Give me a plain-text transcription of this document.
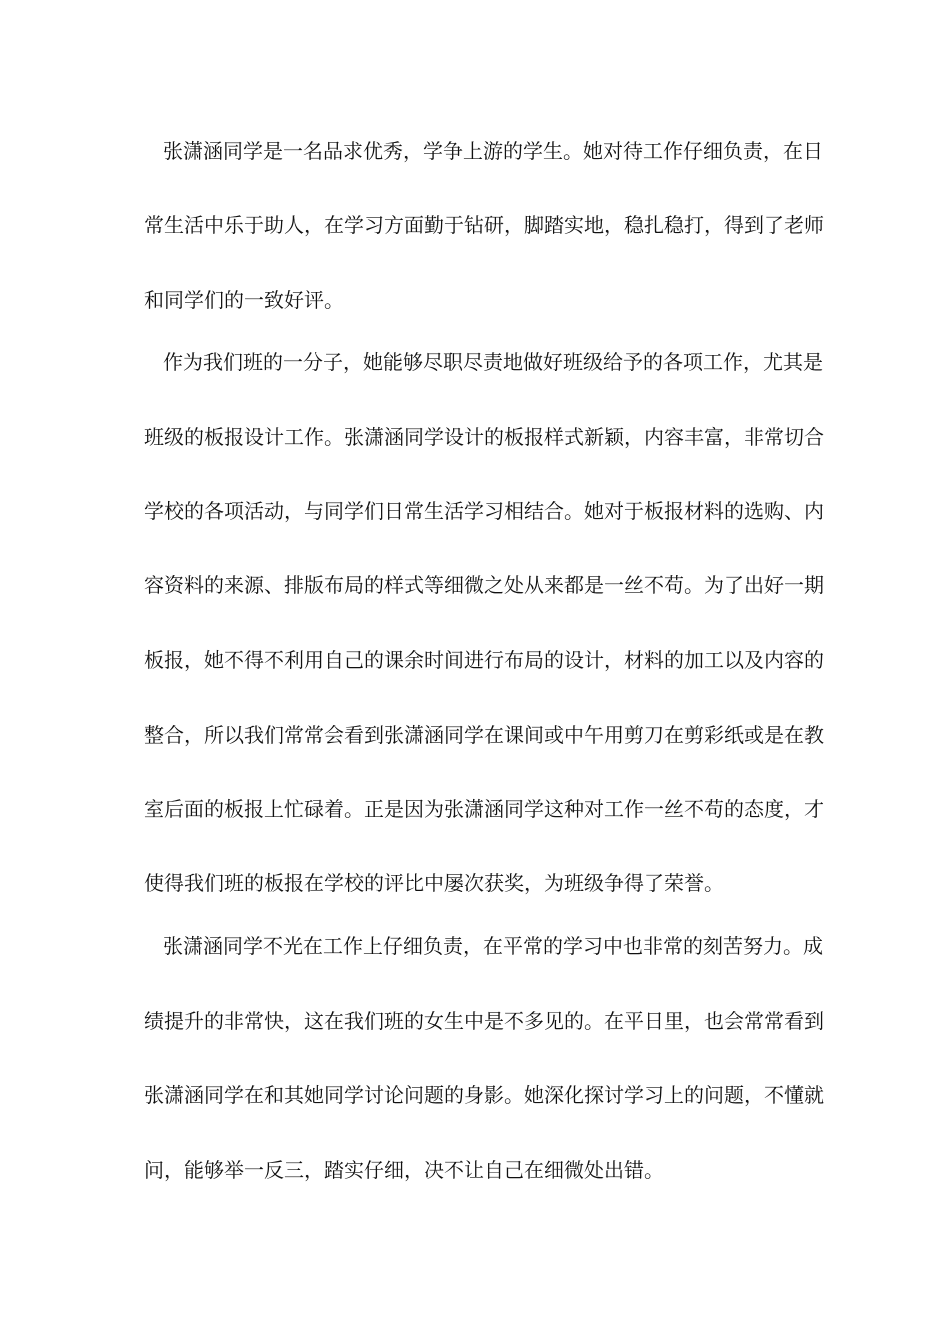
张潇涵同学是一名品求优秀，学争上游的学生。她对待工作仔细负责，在日
常生活中乐于助人，在学习方面勤于钻研，脚踏实地，稳扎稳打，得到了老师
和同学们的一致好评。
作为我们班的一分子，她能够尽职尽责地做好班级给予的各项工作，尤其是
班级的板报设计工作。张潇涵同学设计的板报样式新颖，内容丰富，非常切合
学校的各项活动，与同学们日常生活学习相结合。她对于板报材料的选购、内
容资料的来源、排版布局的样式等细微之处从来都是一丝不苟。为了出好一期
板报，她不得不利用自己的课余时间进行布局的设计，材料的加工以及内容的
整合，所以我们常常会看到张潇涵同学在课间或中午用剪刀在剪彩纸或是在教
室后面的板报上忙碌着。正是因为张潇涵同学这种对工作一丝不苟的态度，才
使得我们班的板报在学校的评比中屡次获奖，为班级争得了荣誉。
张潇涵同学不光在工作上仔细负责，在平常的学习中也非常的刻苦努力。成
绩提升的非常快，这在我们班的女生中是不多见的。在平日里，也会常常看到
张潇涵同学在和其她同学讨论问题的身影。她深化探讨学习上的问题，不懂就
问，能够举一反三，踏实仔细，决不让自己在细微处出错。
